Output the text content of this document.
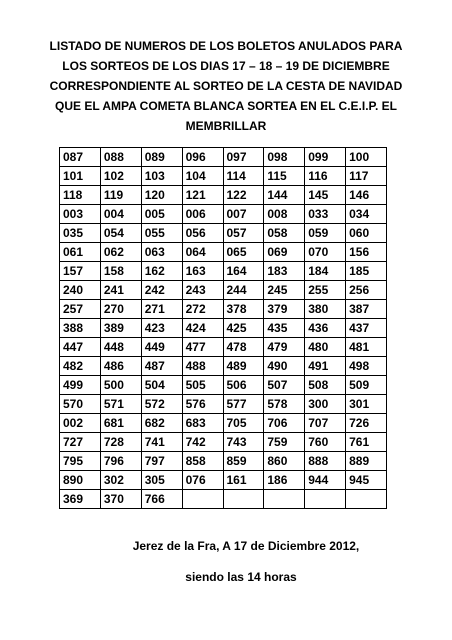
LISTADO DE NUMEROS DE LOS BOLETOS ANULADOS PARA
LOS SORTEOS DE LOS DIAS 17 – 18 – 19 DE DICIEMBRE
CORRESPONDIENTE AL SORTEO DE LA CESTA DE NAVIDAD
QUE EL AMPA COMETA BLANCA SORTEA EN EL C.E.I.P. EL
MEMBRILLAR
087	088	089	096	097	098	099	100
101	102	103	104	114	115	116	117
118	119	120	121	122	144	145	146
003	004	005	006	007	008	033	034
035	054	055	056	057	058	059	060
061	062	063	064	065	069	070	156
157	158	162	163	164	183	184	185
240	241	242	243	244	245	255	256
257	270	271	272	378	379	380	387
388	389	423	424	425	435	436	437
447	448	449	477	478	479	480	481
482	486	487	488	489	490	491	498
499	500	504	505	506	507	508	509
570	571	572	576	577	578	300	301
002	681	682	683	705	706	707	726
727	728	741	742	743	759	760	761
795	796	797	858	859	860	888	889
890	302	305	076	161	186	944	945
369	370	766					

Jerez de la Fra, A 17 de Diciembre 2012,

siendo las 14 horas
